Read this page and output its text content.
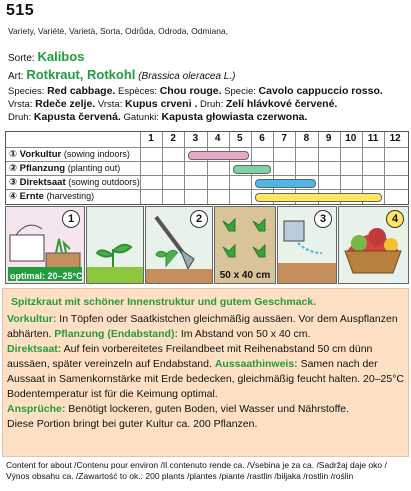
515
Variety, Variété, Varietà, Sorta, Odrůda, Odroda, Odmiana,
Sorte: Kalibos
Art: Rotkraut, Rotkohl (Brassica oleracea L.)
Species: Red cabbage. Espèces: Chou rouge. Specie: Cavolo cappuccio rosso.
Vrsta: Rdeče zelje. Vrsta: Kupus crveni . Druh: Zelí hlávkové červené.
Druh: Kapusta červená. Gatunki: Kapusta głowiasta czerwona.
1	2	3	4	5	6	7	8	9	10	11	12
① Vorkultur (sowing indoors)
② Pflanzung (planting out)
③ Direktsaat (sowing outdoors)
④ Ernte (harvesting)
1
optimal: 20–25°C
2
50 x 40 cm
3	4

Spitzkraut mit schöner Innenstruktur und gutem Geschmack.

Vorkultur: In Töpfen oder Saatkistchen gleichmäßig aussäen. Vor dem Auspflanzen abhärten. Pflanzung (Endabstand): Im Abstand von 50 x 40 cm.

Direktsaat: Auf fein vorbereitetes Freilandbeet mit Reihenabstand 50 cm dünn aussäen, später vereinzeln auf Endabstand. Aussaathinweis: Samen nach der Aussaat in Samenkornstärke mit Erde bedecken, gleichmäßig feucht halten. 20–25°C Bodentemperatur ist für die Keimung optimal.

Ansprüche: Benötigt lockeren, guten Boden, viel Wasser und Nährstoffe.

Diese Portion bringt bei guter Kultur ca. 200 Pflanzen.

Content for about /Contenu pour environ /Il contenuto rende ca. /Vsebina je za ca. /Sadržaj daje oko /
Výnos obsahu ca. /Zawartość to ok.: 200 plants /plantes /piante /rastlin /biljaka /rostlin /roślin
